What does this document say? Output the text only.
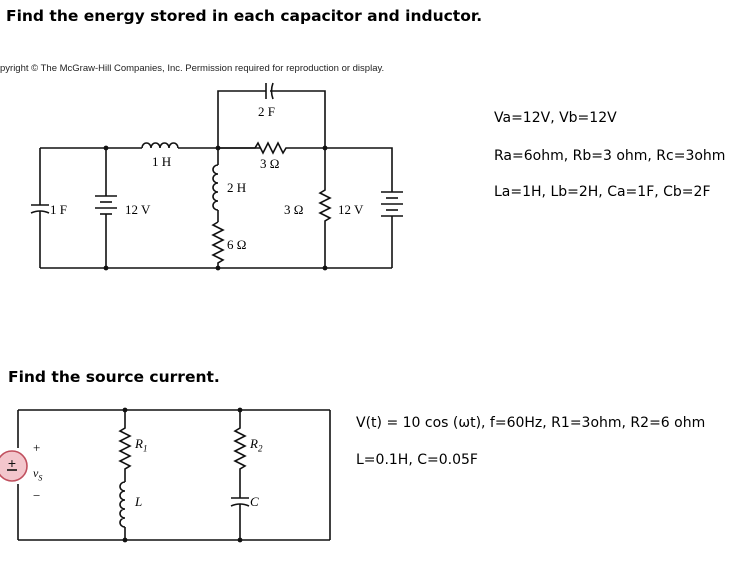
Find the energy stored in each capacitor and inductor.
pyright © The McGraw-Hill Companies, Inc. Permission required for reproduction or display.
Va=12V, Vb=12V
Ra=6ohm, Rb=3 ohm, Rc=3ohm
La=1H, Lb=2H, Ca=1F, Cb=2F
+
2 F
1 H	3 Ω
2 H
6 Ω
1 F	12 V	3 Ω	12 V
Find the source current.
V(t) = 10 cos (ωt), f=60Hz, R1=3ohm, R2=6 ohm
L=0.1H, C=0.05F
+
−
$v_S$
$R_1$
L
$R_2$
C
